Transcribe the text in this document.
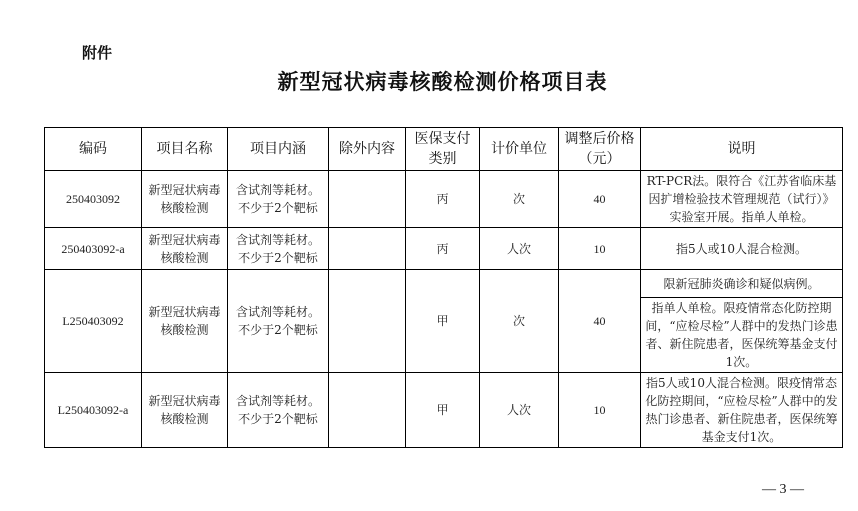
附件
新型冠状病毒核酸检测价格项目表
编码	项目名称	项目内涵	除外内容	医保支付类别	计价单位	调整后价格（元）	说明
250403092	新型冠状病毒核酸检测	含试剂等耗材。不少于2个靶标		丙	次	40	RT-PCR法。限符合《江苏省临床基因扩增检验技术管理规范（试行）》实验室开展。指单人单检。
250403092-a	新型冠状病毒核酸检测	含试剂等耗材。不少于2个靶标		丙	人次	10	指5人或10人混合检测。
L250403092	新型冠状病毒核酸检测	含试剂等耗材。不少于2个靶标		甲	次	40	限新冠肺炎确诊和疑似病例。
							指单人单检。限疫情常态化防控期间，“应检尽检”人群中的发热门诊患者、新住院患者，医保统筹基金支付1次。
L250403092-a	新型冠状病毒核酸检测	含试剂等耗材。不少于2个靶标		甲	人次	10	指5人或10人混合检测。限疫情常态化防控期间，“应检尽检”人群中的发热门诊患者、新住院患者，医保统筹基金支付1次。
— 3 —
